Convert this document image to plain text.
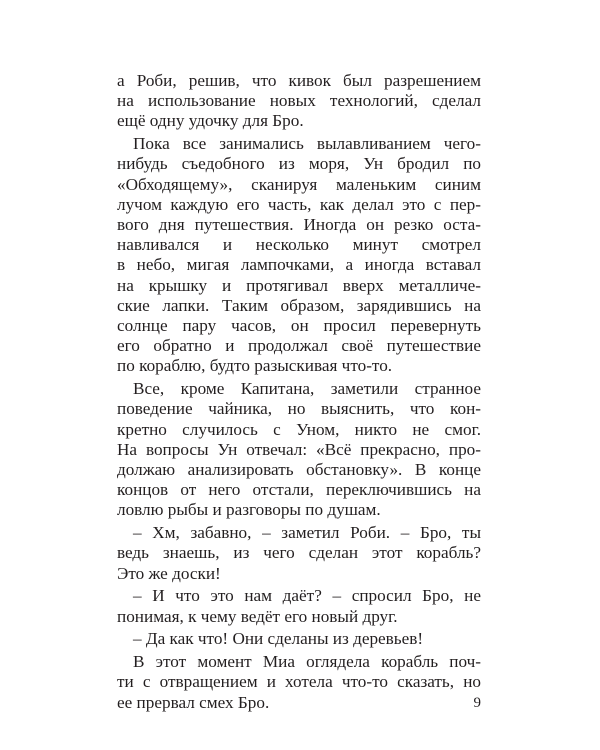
а Роби, решив, что кивок был разрешением
на использование новых технологий, сделал
ещё одну удочку для Бро.
Пока все занимались вылавливанием чего-
нибудь съедобного из моря, Ун бродил по
«Обходящему», сканируя маленьким синим
лучом каждую его часть, как делал это с пер-
вого дня путешествия. Иногда он резко оста-
навливался и несколько минут смотрел
в небо, мигая лампочками, а иногда вставал
на крышку и протягивал вверх металличе-
ские лапки. Таким образом, зарядившись на
солнце пару часов, он просил перевернуть
его обратно и продолжал своё путешествие
по кораблю, будто разыскивая что-то.
Все, кроме Капитана, заметили странное
поведение чайника, но выяснить, что кон-
кретно случилось с Уном, никто не смог.
На вопросы Ун отвечал: «Всё прекрасно, про-
должаю анализировать обстановку». В конце
концов от него отстали, переключившись на
ловлю рыбы и разговоры по душам.
– Хм, забавно, – заметил Роби. – Бро, ты
ведь знаешь, из чего сделан этот корабль?
Это же доски!
– И что это нам даёт? – спросил Бро, не
понимая, к чему ведёт его новый друг.
– Да как что! Они сделаны из деревьев!
В этот момент Миа оглядела корабль поч-
ти с отвращением и хотела что-то сказать, но
ее прервал смех Бро.	9
